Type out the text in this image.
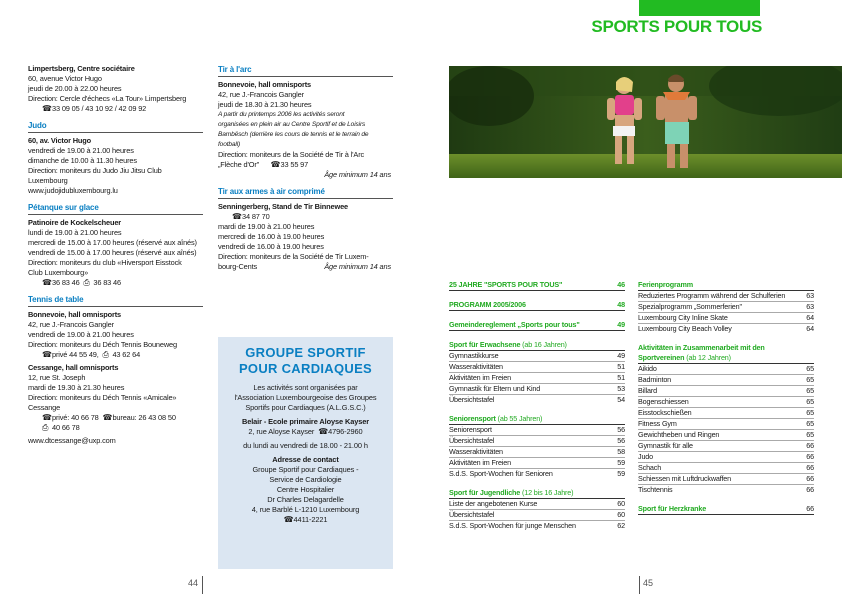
Limpertsberg, Centre sociétaire
60, avenue Victor Hugo
jeudi de 20.00 à 22.00 heures
Direction: Cercle d'échecs «La Tour» Limpertsberg
☎33 09 05 / 43 10 92 / 42 09 92
Judo
60, av. Victor Hugo
vendredi de 19.00 à 21.00 heures
dimanche de 10.00 à 11.30 heures
Direction: moniteurs du Judo Jiu Jitsu Club
Luxembourg
www.judojidubluxembourg.lu
Pétanque sur glace
Patinoire de Kockelscheuer
lundi de 19.00 à 21.00 heures
mercredi de 15.00 à 17.00 heures (réservé aux aînés)
vendredi de 15.00 à 17.00 heures (réservé aux aînés)
Direction: moniteurs du club «Hiversport Eisstock
Club Luxembourg»
☎36 83 46 ⎙ 36 83 46
Tennis de table
Bonnevoie, hall omnisports
42, rue J.-Francois Gangler
vendredi de 19.00 à 21.00 heures
Direction: moniteurs du Déch Tennis Bouneweg
☎privé 44 55 49, ⎙ 43 62 64
Cessange, hall omnisports
12, rue St. Joseph
mardi de 19.30 à 21.30 heures
Direction: moniteurs du Déch Tennis «Amicale»
Cessange
☎privé: 40 66 78 ☎bureau: 26 43 08 50
⎙ 40 66 78
www.dtcessange@uxp.com
Tir à l'arc
Bonnevoie, hall omnisports
42, rue J.-Francois Gangler
jeudi de 18.30 à 21.30 heures
A partir du printemps 2006 les activités seront
organisées en plein air au Centre Sportif et de Loisirs
Bambësch (derrière les cours de tennis et le terrain de
football)
Direction: moniteurs de la Société de Tir à l'Arc
„Flèche d'Or" ☎33 55 97
Âge minimum 14 ans
Tir aux armes à air comprimé
Senningerberg, Stand de Tir Binnewee
☎34 87 70
mardi de 19.00 à 21.00 heures
mercredi de 16.00 à 19.00 heures
vendredi de 16.00 à 19.00 heures
Direction: moniteurs de la Société de Tir Luxem-
bourg-Cents	Âge minimum 14 ans
GROUPE SPORTIF
POUR CARDIAQUES
Les activités sont organisées par
l'Association Luxembourgeoise des Groupes
Sportifs pour Cardiaques (A.L.G.S.C.)
Belair - Ecole primaire Aloyse Kayser
2, rue Aloyse Kayser ☎4796-2960
du lundi au vendredi de 18.00 - 21.00 h
Adresse de contact
Groupe Sportif pour Cardiaques -
Service de Cardiologie
Centre Hospitalier
Dr Charles Delagardelle
4, rue Barblé L-1210 Luxembourg
☎4411-2221
44	45
SPORTS POUR TOUS
25 JAHRE "SPORTS POUR TOUS"	46
PROGRAMM 2005/2006	48
Gemeindereglement „Sports pour tous"	49
Sport für Erwachsene (ab 16 Jahren)
Gymnastikkurse	49
Wasseraktivitäten	51
Aktivitäten im Freien	51
Gymnastik für Eltern und Kind	53
Übersichtstafel	54
Seniorensport (ab 55 Jahren)
Seniorensport	56
Übersichtstafel	56
Wasseraktivitäten	58
Aktivitäten im Freien	59
S.d.S. Sport-Wochen für Senioren	59
Sport für Jugendliche (12 bis 16 Jahre)
Liste der angebotenen Kurse	60
Übersichtstafel	60
S.d.S. Sport-Wochen für junge Menschen	62
Ferienprogramm
Reduziertes Programm während der Schulferien	63
Spezialprogramm „Sommerferien"	63
Luxembourg City Inline Skate	64
Luxembourg City Beach Volley	64
Aktivitäten in Zusammenarbeit mit den
Sportvereinen (ab 12 Jahren)
Aikido	65
Badminton	65
Billard	65
Bogenschiessen	65
Eisstockschießen	65
Fitness Gym	65
Gewichtheben und Ringen	65
Gymnastik für alle	66
Judo	66
Schach	66
Schiessen mit Luftdruckwaffen	66
Tischtennis	66
Sport für Herzkranke	66
